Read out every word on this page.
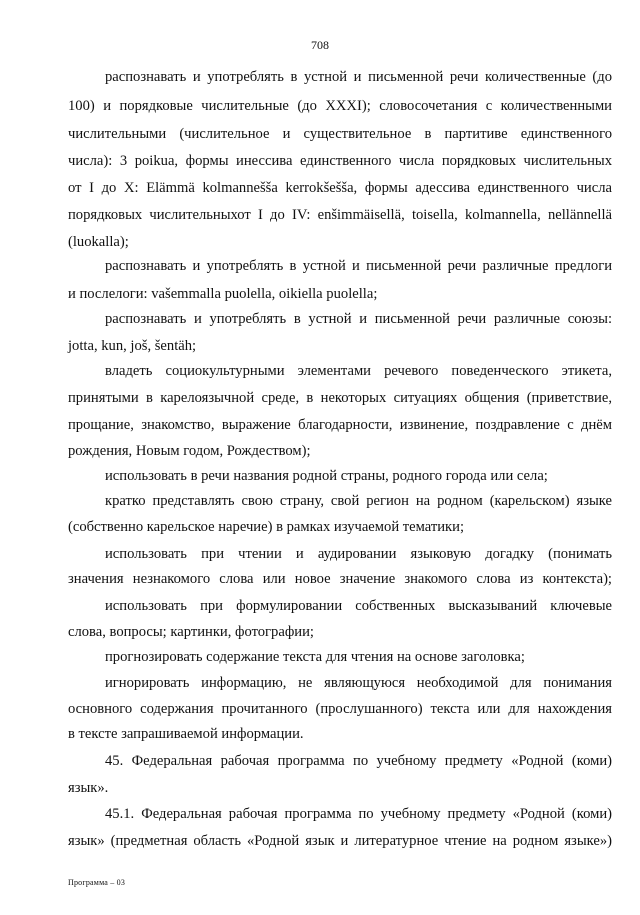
708
распознавать и употреблять в устной и письменной речи количественные (до
100) и порядковые числительные (до XXXI); словосочетания с количественными
числительными (числительное и существительное в партитиве единственного
числа): 3 poikua, формы инессива единственного числа порядковых числительных
от I до X: Elämmä kolmannešša kerrokšešša, формы адессива единственного числа
порядковых числительныхот I до IV: enšimmäisellä, toisella, kolmannella, nellännellä
(luokalla);
распознавать и употреблять в устной и письменной речи различные предлоги
и послелоги: vašemmalla puolella, oikiella puolella;
распознавать и употреблять в устной и письменной речи различные союзы:
jotta, kun, još, šentäh;
владеть социокультурными элементами речевого поведенческого этикета,
принятыми в карелоязычной среде, в некоторых ситуациях общения (приветствие,
прощание, знакомство, выражение благодарности, извинение, поздравление с днём
рождения, Новым годом, Рождеством);
использовать в речи названия родной страны, родного города или села;
кратко представлять свою страну, свой регион на родном (карельском) языке
(собственно карельское наречие) в рамках изучаемой тематики;
использовать при чтении и аудировании языковую догадку (понимать
значения незнакомого слова или новое значение знакомого слова из контекста);
использовать при формулировании собственных высказываний ключевые
слова, вопросы; картинки, фотографии;
прогнозировать содержание текста для чтения на основе заголовка;
игнорировать информацию, не являющуюся необходимой для понимания
основного содержания прочитанного (прослушанного) текста или для нахождения
в тексте запрашиваемой информации.
45. Федеральная рабочая программа по учебному предмету «Родной (коми)
язык».
45.1. Федеральная рабочая программа по учебному предмету «Родной (коми)
язык» (предметная область «Родной язык и литературное чтение на родном языке»)
Программа – 03
